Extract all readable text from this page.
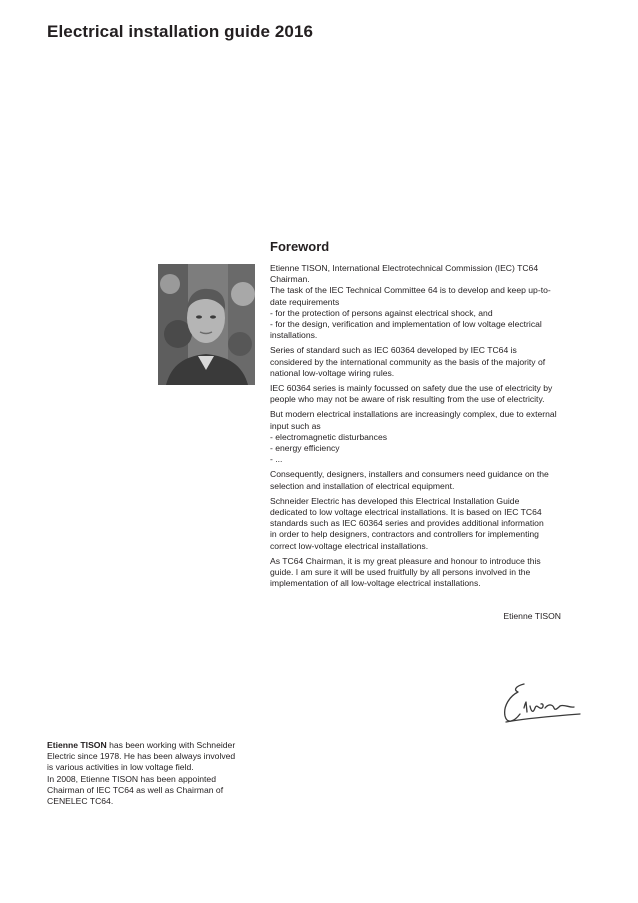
Electrical installation guide 2016
Foreword

Etienne TISON, International Electrotechnical Commission (IEC) TC64
Chairman.
The task of the IEC Technical Committee 64 is to develop and keep up-to-
date requirements
- for the protection of persons against electrical shock, and
- for the design, verification and implementation of low voltage electrical
installations.

Series of standard such as IEC 60364 developed by IEC TC64 is
considered by the international community as the basis of the majority of
national low-voltage wiring rules.

IEC 60364 series is mainly focussed on safety due the use of electricity by
people who may not be aware of risk resulting from the use of electricity.

But modern electrical installations are increasingly complex, due to external
input such as
- electromagnetic disturbances
- energy efficiency
- ...

Consequently, designers, installers and consumers need guidance on the
selection and installation of electrical equipment.

Schneider Electric has developed this Electrical Installation Guide
dedicated to low voltage electrical installations. It is based on IEC TC64
standards such as IEC 60364 series and provides additional information
in order to help designers, contractors and controllers for implementing
correct low-voltage electrical installations.

As TC64 Chairman, it is my great pleasure and honour to introduce this
guide. I am sure it will be used fruitfully by all persons involved in the
implementation of all low-voltage electrical installations.

Etienne TISON
Etienne TISON has been working with Schneider
Electric since 1978. He has been always involved
is various activities in low voltage field.
In 2008, Etienne TISON has been appointed
Chairman of IEC TC64 as well as Chairman of
CENELEC TC64.
